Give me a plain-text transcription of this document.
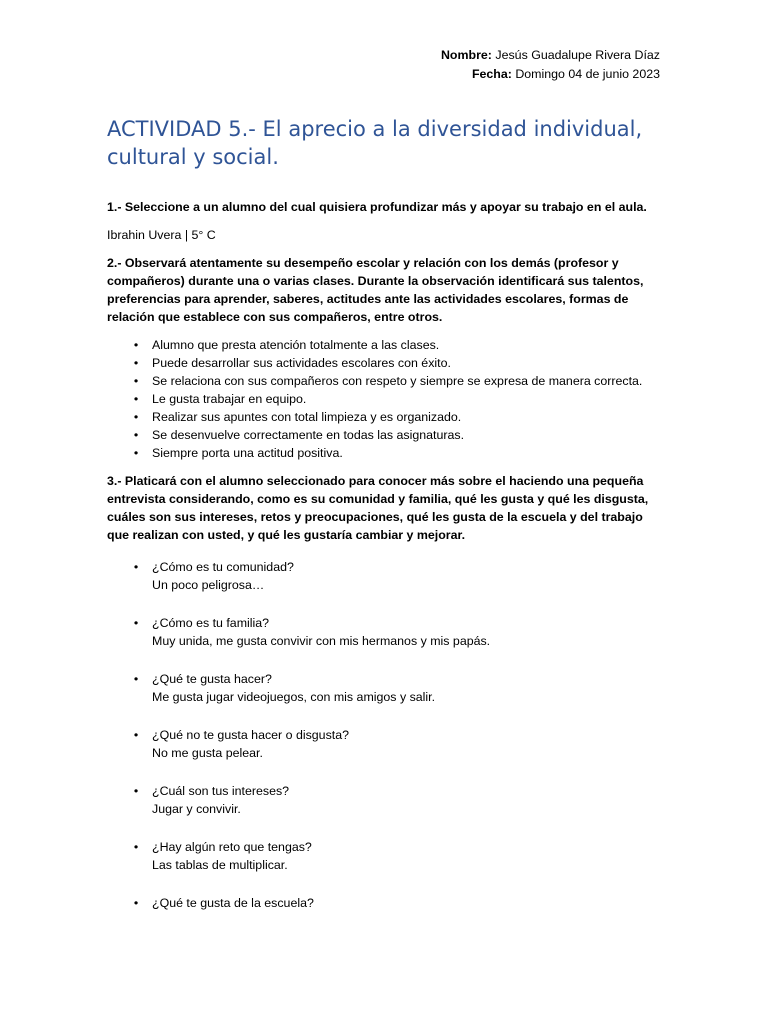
Nombre: Jesús Guadalupe Rivera Díaz
Fecha: Domingo 04 de junio 2023
ACTIVIDAD 5.- El aprecio a la diversidad individual, cultural y social.

1.- Seleccione a un alumno del cual quisiera profundizar más y apoyar su trabajo en el aula.

Ibrahin Uvera | 5° C

2.- Observará atentamente su desempeño escolar y relación con los demás (profesor y compañeros) durante una o varias clases. Durante la observación identificará sus talentos, preferencias para aprender, saberes, actitudes ante las actividades escolares, formas de relación que establece con sus compañeros, entre otros.

• Alumno que presta atención totalmente a las clases.
• Puede desarrollar sus actividades escolares con éxito.
• Se relaciona con sus compañeros con respeto y siempre se expresa de manera correcta.
• Le gusta trabajar en equipo.
• Realizar sus apuntes con total limpieza y es organizado.
• Se desenvuelve correctamente en todas las asignaturas.
• Siempre porta una actitud positiva.

3.- Platicará con el alumno seleccionado para conocer más sobre el haciendo una pequeña entrevista considerando, como es su comunidad y familia, qué les gusta y qué les disgusta, cuáles son sus intereses, retos y preocupaciones, qué les gusta de la escuela y del trabajo que realizan con usted, y qué les gustaría cambiar y mejorar.

• ¿Cómo es tu comunidad?
Un poco peligrosa…
• ¿Cómo es tu familia?
Muy unida, me gusta convivir con mis hermanos y mis papás.
• ¿Qué te gusta hacer?
Me gusta jugar videojuegos, con mis amigos y salir.
• ¿Qué no te gusta hacer o disgusta?
No me gusta pelear.
• ¿Cuál son tus intereses?
Jugar y convivir.
• ¿Hay algún reto que tengas?
Las tablas de multiplicar.
• ¿Qué te gusta de la escuela?
